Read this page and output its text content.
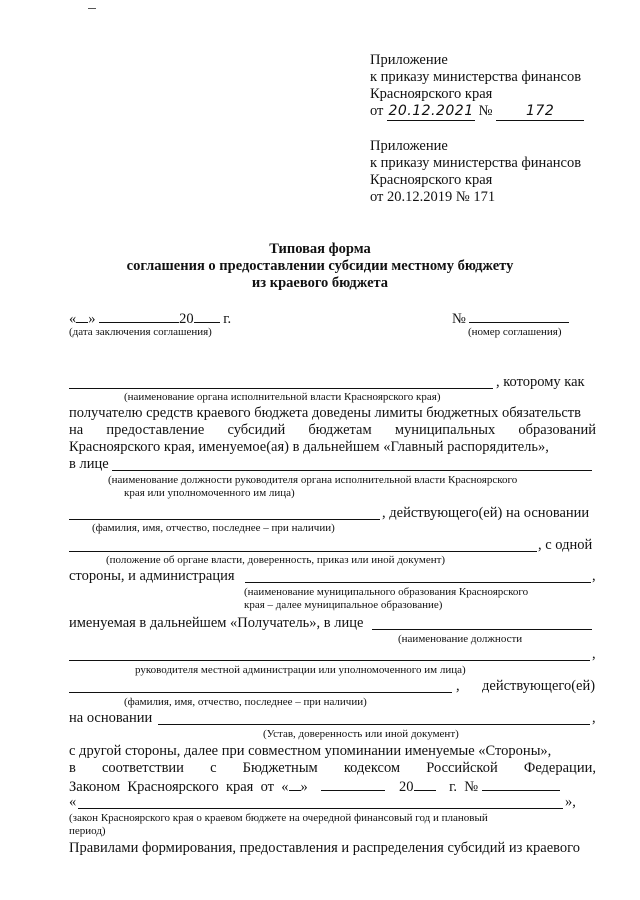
Приложение
к приказу министерства финансов
Красноярского края
от 20.12.2021 № 172
Приложение
к приказу министерства финансов
Красноярского края
от 20.12.2019 № 171
Типовая форма
соглашения о предоставлении субсидии местному бюджету
из краевого бюджета
« »	20 г.	№
(дата заключения соглашения)	(номер соглашения)
, которому как
(наименование органа исполнительной власти Красноярского края)
получателю средств краевого бюджета доведены лимиты бюджетных обязательств
на предоставление субсидий бюджетам муниципальных образований
Красноярского края, именуемое(ая) в дальнейшем «Главный распорядитель»,
в лице
(наименование должности руководителя органа исполнительной власти Красноярского
края или уполномоченного им лица)
, действующего(ей) на основании
(фамилия, имя, отчество, последнее – при наличии)
, с одной
(положение об органе власти, доверенность, приказ или иной документ)
стороны, и администрация	,
(наименование муниципального образования Красноярского
края – далее муниципальное образование)
именуемая в дальнейшем «Получатель», в лице
(наименование должности
,
руководителя местной администрации или уполномоченного им лица)
, действующего(ей)
(фамилия, имя, отчество, последнее – при наличии)
на основании	,
(Устав, доверенность или иной документ)
с другой стороны, далее при совместном упоминании именуемые «Стороны»,
в соответствии с Бюджетным кодексом Российской Федерации,
Законом  Красноярского  края  от  « »	20 г.  №
«	»,
(закон Красноярского края о краевом бюджете на очередной финансовый год и плановый
период)
Правилами формирования, предоставления и распределения субсидий из краевого
